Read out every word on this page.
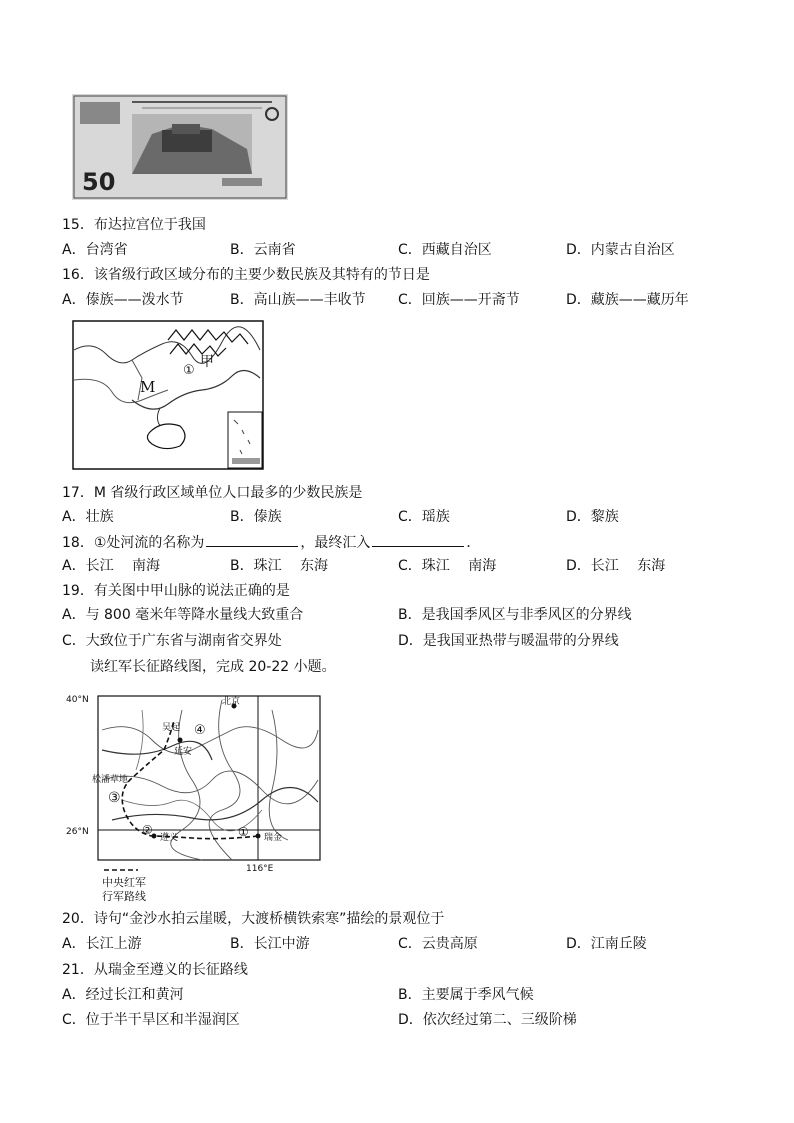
50
15．布达拉宫位于我国
A．台湾省	B．云南省	C．西藏自治区	D．内蒙古自治区
16．该省级行政区域分布的主要少数民族及其特有的节日是
A．傣族——泼水节	B．高山族——丰收节 C．回族——开斋节	D．藏族——藏历年
M
甲
①
17．M 省级行政区域单位人口最多的少数民族是
A．壮族	B．傣族	C．瑶族	D．黎族
18．①处河流的名称为	，最终汇入	．
A．长江　 南海	B．珠江　 东海	C．珠江　 南海	D．长江　 东海
19．有关图中甲山脉的说法正确的是
A．与 800 毫米年等降水量线大致重合	B．是我国季风区与非季风区的分界线
C．大致位于广东省与湖南省交界处	D．是我国亚热带与暖温带的分界线
读红军长征路线图，完成 20-22 小题。
40°N
26°N
116°E
北京
吴起
延安
松潘草地
遵义	瑞金
①
②
③
④
中央红军
行军路线
20．诗句“金沙水拍云崖暖，大渡桥横铁索寒”描绘的景观位于
A．长江上游	B．长江中游	C．云贵高原	D．江南丘陵
21．从瑞金至遵义的长征路线
A．经过长江和黄河	B．主要属于季风气候
C．位于半干旱区和半湿润区	D．依次经过第二、三级阶梯
